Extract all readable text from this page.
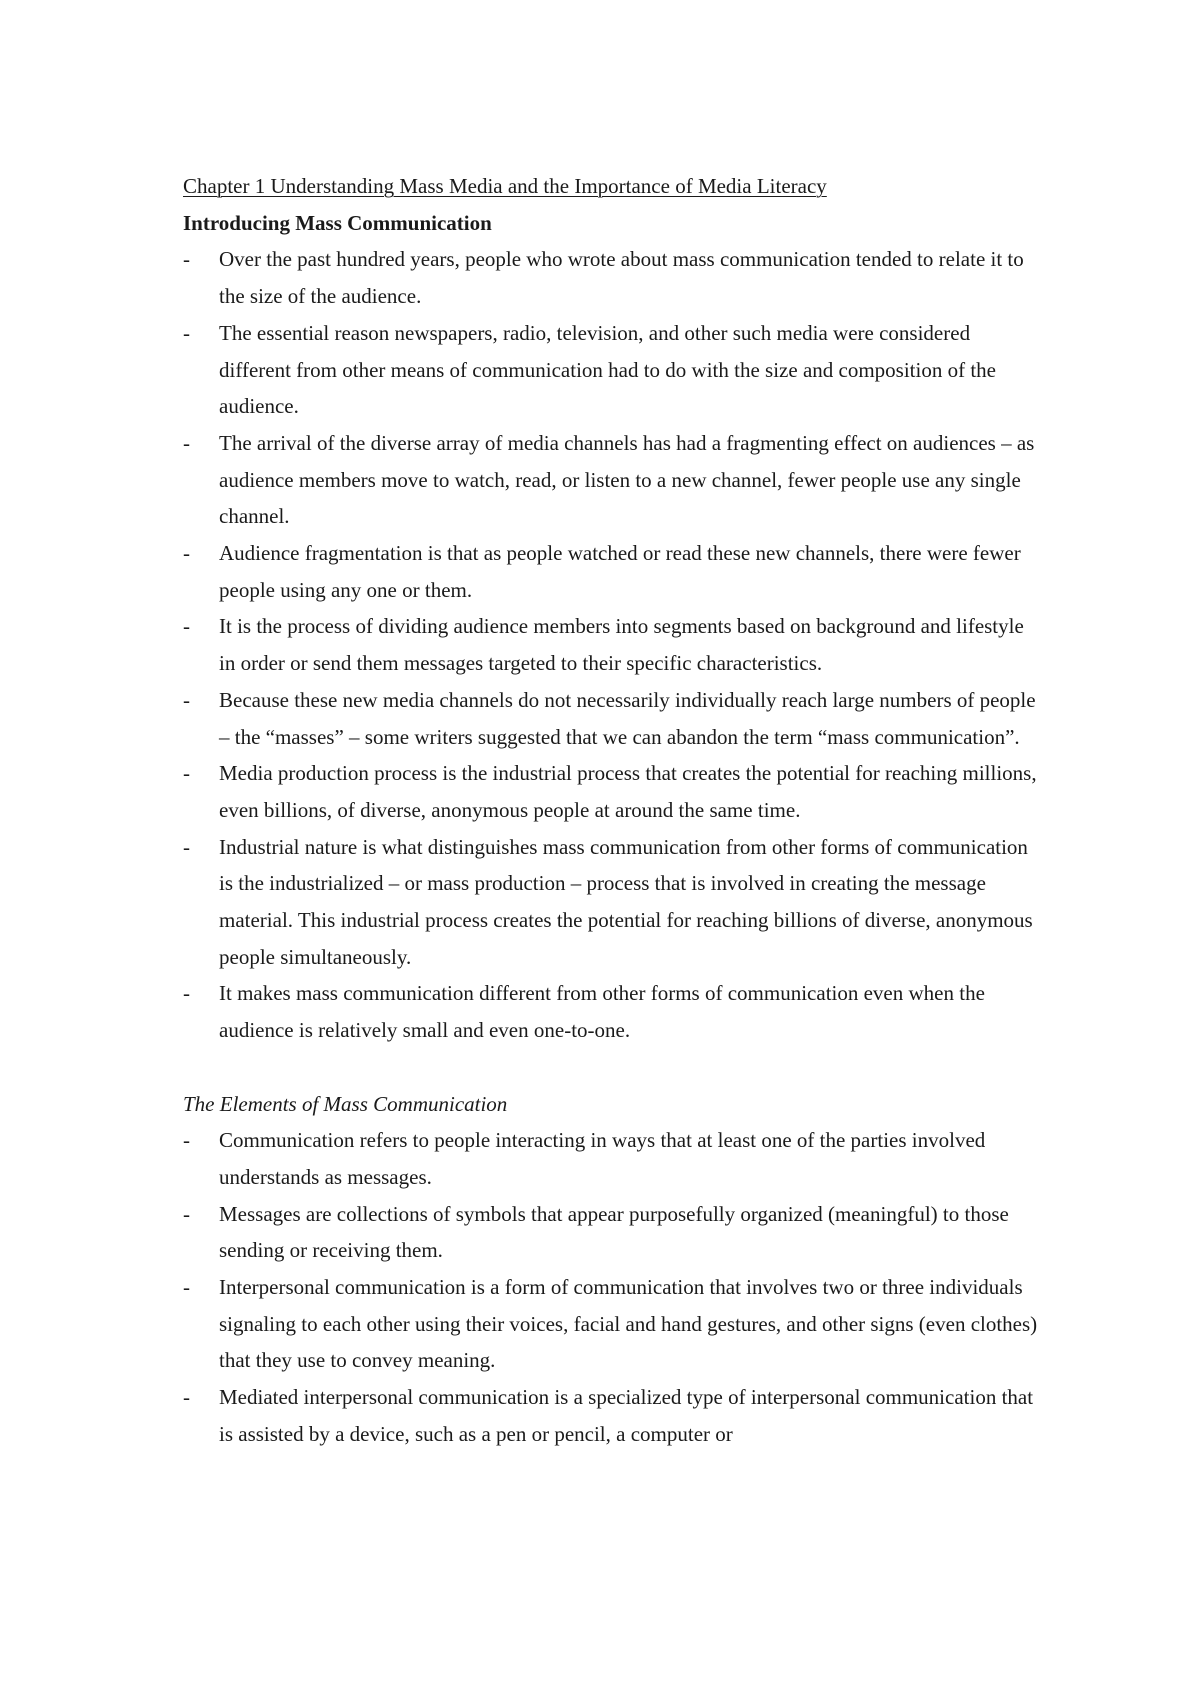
Chapter 1 Understanding Mass Media and the Importance of Media Literacy
Introducing Mass Communication
- Over the past hundred years, people who wrote about mass communication tended to relate it to the size of the audience.
- The essential reason newspapers, radio, television, and other such media were considered different from other means of communication had to do with the size and composition of the audience.
- The arrival of the diverse array of media channels has had a fragmenting effect on audiences – as audience members move to watch, read, or listen to a new channel, fewer people use any single channel.
- Audience fragmentation is that as people watched or read these new channels, there were fewer people using any one or them.
- It is the process of dividing audience members into segments based on background and lifestyle in order or send them messages targeted to their specific characteristics.
- Because these new media channels do not necessarily individually reach large numbers of people – the “masses” – some writers suggested that we can abandon the term “mass communication”.
- Media production process is the industrial process that creates the potential for reaching millions, even billions, of diverse, anonymous people at around the same time.
- Industrial nature is what distinguishes mass communication from other forms of communication is the industrialized – or mass production – process that is involved in creating the message material. This industrial process creates the potential for reaching billions of diverse, anonymous people simultaneously.
- It makes mass communication different from other forms of communication even when the audience is relatively small and even one-to-one.
The Elements of Mass Communication
- Communication refers to people interacting in ways that at least one of the parties involved understands as messages.
- Messages are collections of symbols that appear purposefully organized (meaningful) to those sending or receiving them.
- Interpersonal communication is a form of communication that involves two or three individuals signaling to each other using their voices, facial and hand gestures, and other signs (even clothes) that they use to convey meaning.
- Mediated interpersonal communication is a specialized type of interpersonal communication that is assisted by a device, such as a pen or pencil, a computer or
